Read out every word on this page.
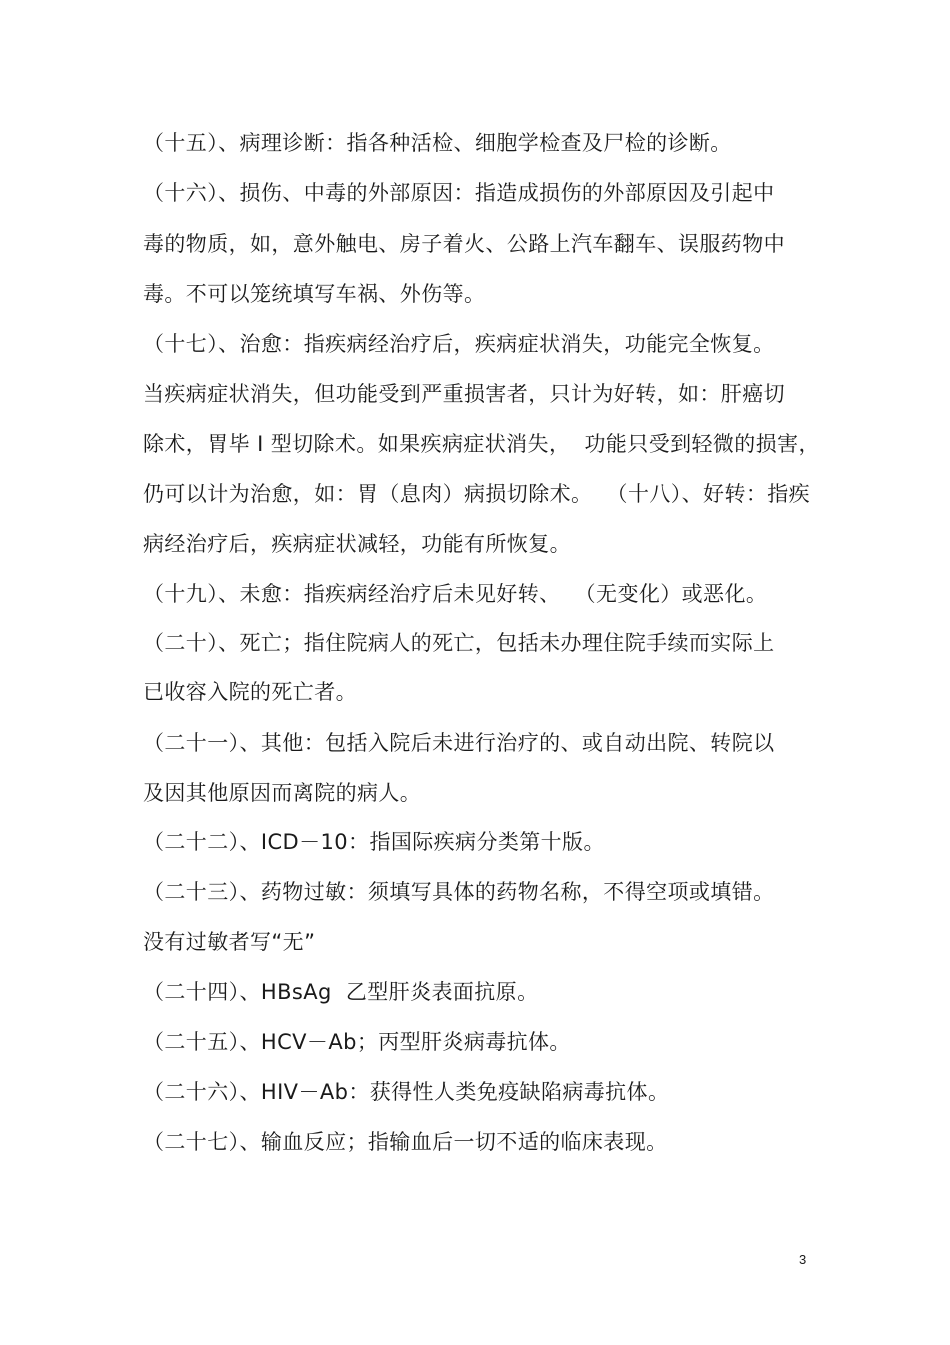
（十五）、病理诊断：指各种活检、细胞学检查及尸检的诊断。
（十六）、损伤、中毒的外部原因：指造成损伤的外部原因及引起中
毒的物质，如，意外触电、房子着火、公路上汽车翻车、误服药物中
毒。不可以笼统填写车祸、外伤等。
（十七）、治愈：指疾病经治疗后，疾病症状消失，功能完全恢复。
当疾病症状消失，但功能受到严重损害者，只计为好转，如：肝癌切
除术，胃毕 Ⅰ 型切除术。如果疾病症状消失，  功能只受到轻微的损害，
仍可以计为治愈，如：胃（息肉）病损切除术。  （十八）、好转：指疾
病经治疗后，疾病症状减轻，功能有所恢复。
（十九）、未愈：指疾病经治疗后未见好转、  （无变化）或恶化。
（二十）、死亡；指住院病人的死亡，包括未办理住院手续而实际上
已收容入院的死亡者。
（二十一）、其他：包括入院后未进行治疗的、或自动出院、转院以
及因其他原因而离院的病人。
（二十二）、ICD－10：指国际疾病分类第十版。
（二十三）、药物过敏：须填写具体的药物名称，不得空项或填错。
没有过敏者写“无”
（二十四）、HBsAg  乙型肝炎表面抗原。
（二十五）、HCV－Ab；丙型肝炎病毒抗体。
（二十六）、HIV－Ab：获得性人类免疫缺陷病毒抗体。
（二十七）、输血反应；指输血后一切不适的临床表现。
3
